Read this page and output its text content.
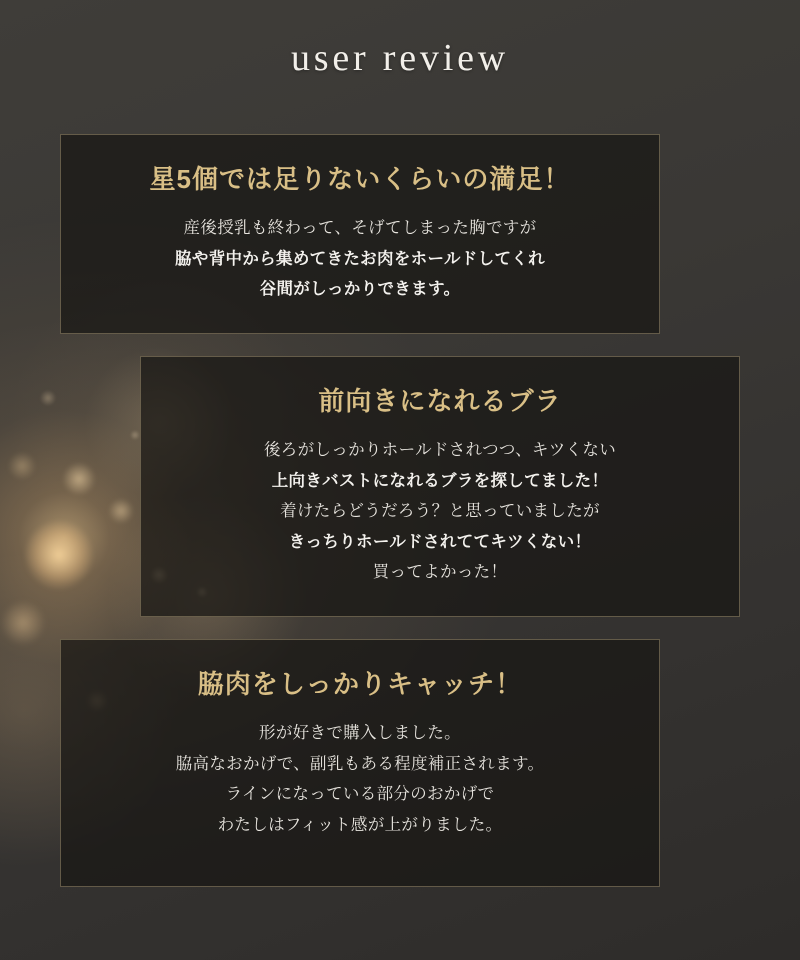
user review
星5個では足りないくらいの満足！
産後授乳も終わって、そげてしまった胸ですが
脇や背中から集めてきたお肉をホールドしてくれ
谷間がしっかりできます。
前向きになれるブラ
後ろがしっかりホールドされつつ、キツくない
上向きバストになれるブラを探してました！
着けたらどうだろう？と思っていましたが
きっちりホールドされててキツくない！
買ってよかった！
脇肉をしっかりキャッチ！
形が好きで購入しました。
脇高なおかげで、副乳もある程度補正されます。
ラインになっている部分のおかげで
わたしはフィット感が上がりました。
